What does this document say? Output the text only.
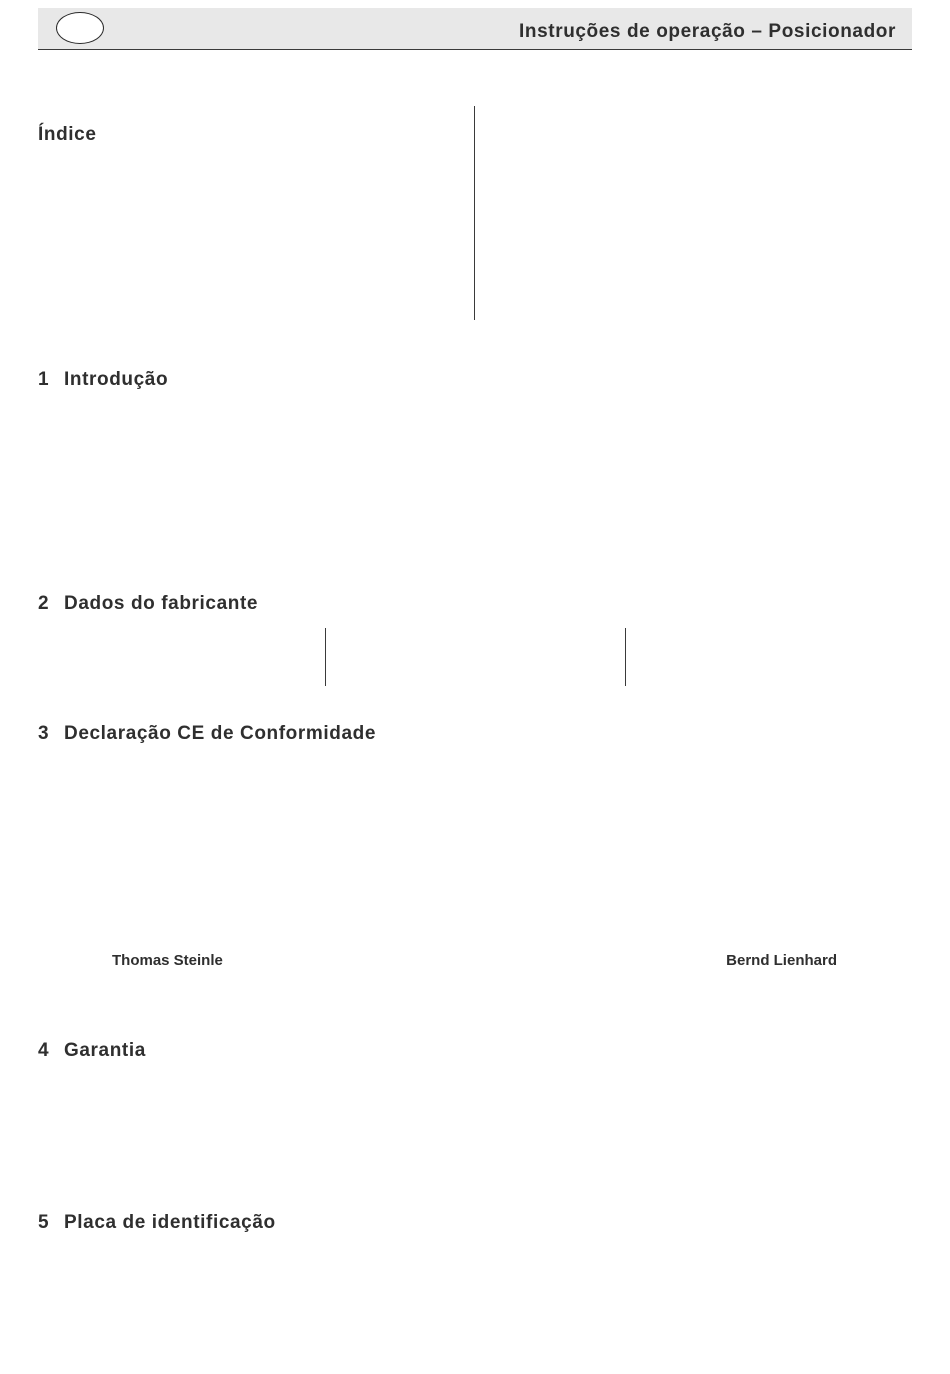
Instruções de operação – Posicionador
Índice
1 Introdução
2 Dados do fabricante
3 Declaração CE de Conformidade
Thomas Steinle	Bernd Lienhard
4 Garantia
5 Placa de identificação
